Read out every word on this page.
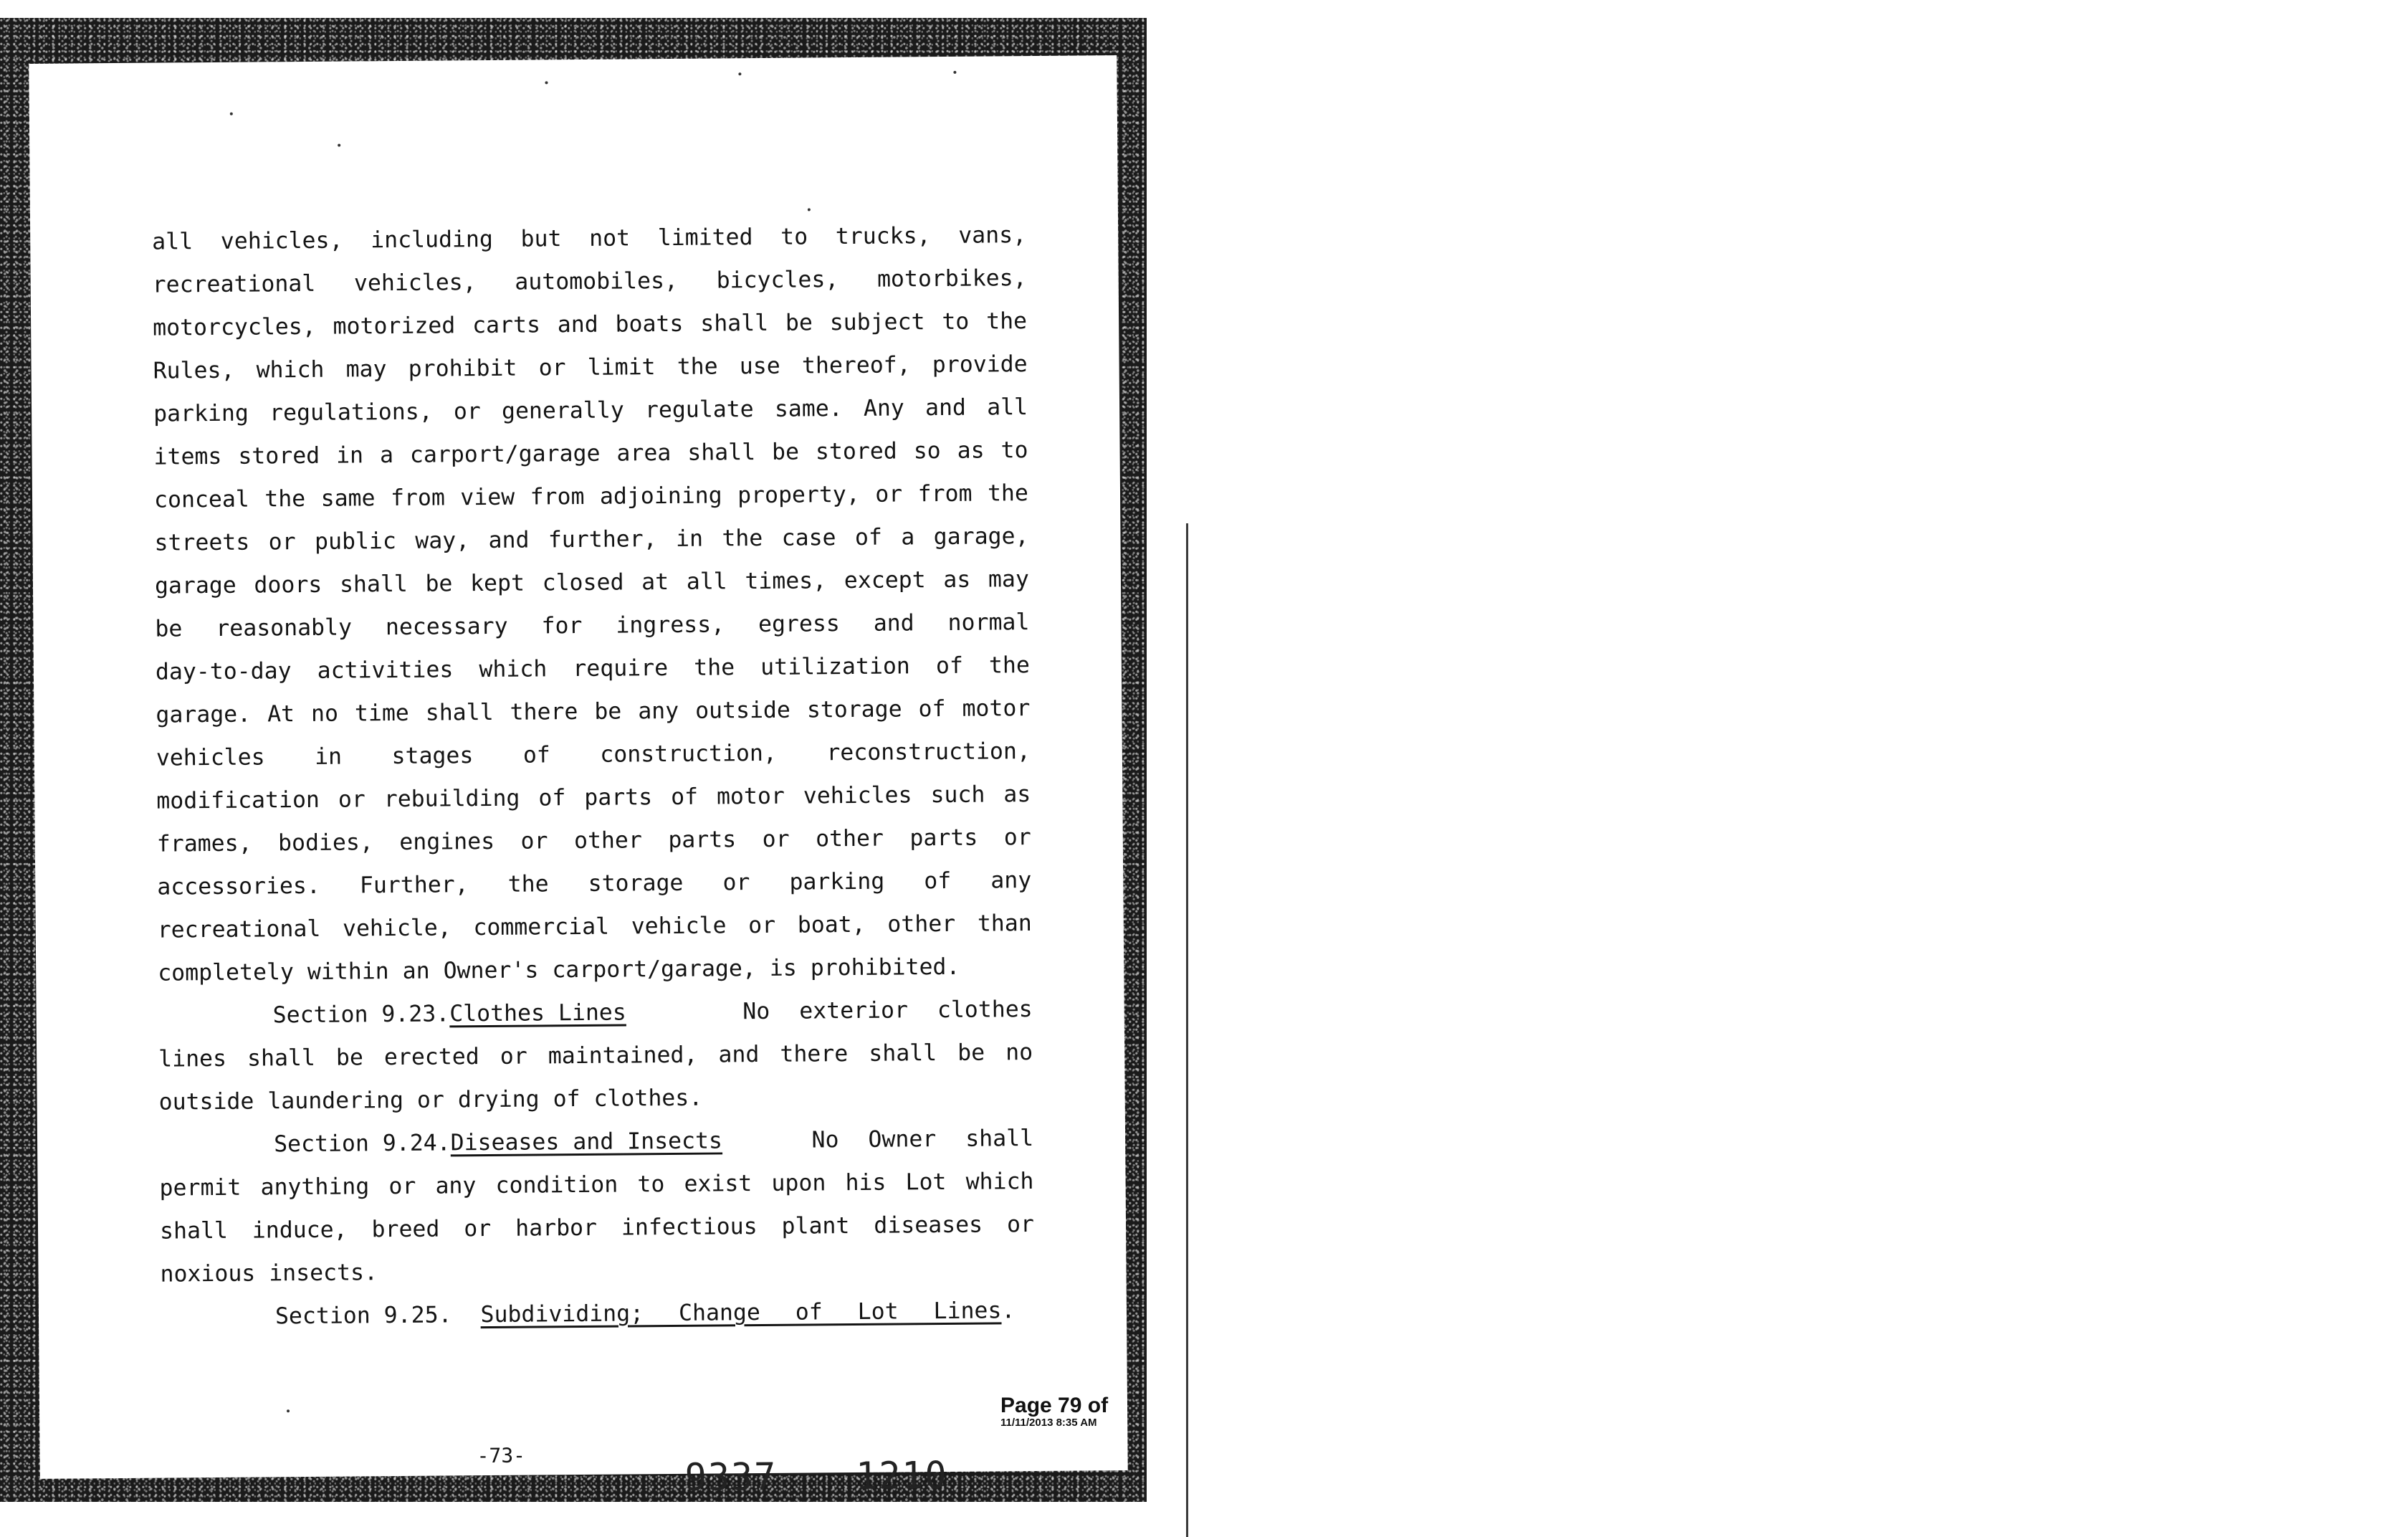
all vehicles, including but not limited to trucks, vans,
recreational vehicles, automobiles, bicycles, motorbikes,
motorcycles, motorized carts and boats shall be subject to the
Rules, which may prohibit or limit the use thereof, provide
parking regulations, or generally regulate same. Any and all
items stored in a carport/garage area shall be stored so as to
conceal the same from view from adjoining property, or from the
streets or public way, and further, in the case of a garage,
garage doors shall be kept closed at all times, except as may
be reasonably necessary for ingress, egress and normal
day-to-day activities which require the utilization of the
garage. At no time shall there be any outside storage of motor
vehicles in stages of construction, reconstruction,
modification or rebuilding of parts of motor vehicles such as
frames, bodies, engines or other parts or other parts or
accessories. Further, the storage or parking of any
recreational vehicle, commercial vehicle or boat, other than
completely within an Owner's carport/garage, is prohibited.
Section 9.23. Clothes Lines	No exterior clothes
lines shall be erected or maintained, and there shall be no
outside laundering or drying of clothes.
Section 9.24. Diseases and Insects	No Owner shall
permit anything or any condition to exist upon his Lot which
shall induce, breed or harbor infectious plant diseases or
noxious insects.
Section 9.25. Subdividing; Change of Lot Lines .
-73-	9337 1210
Page 79 of
11/11/2013 8:35 AM
